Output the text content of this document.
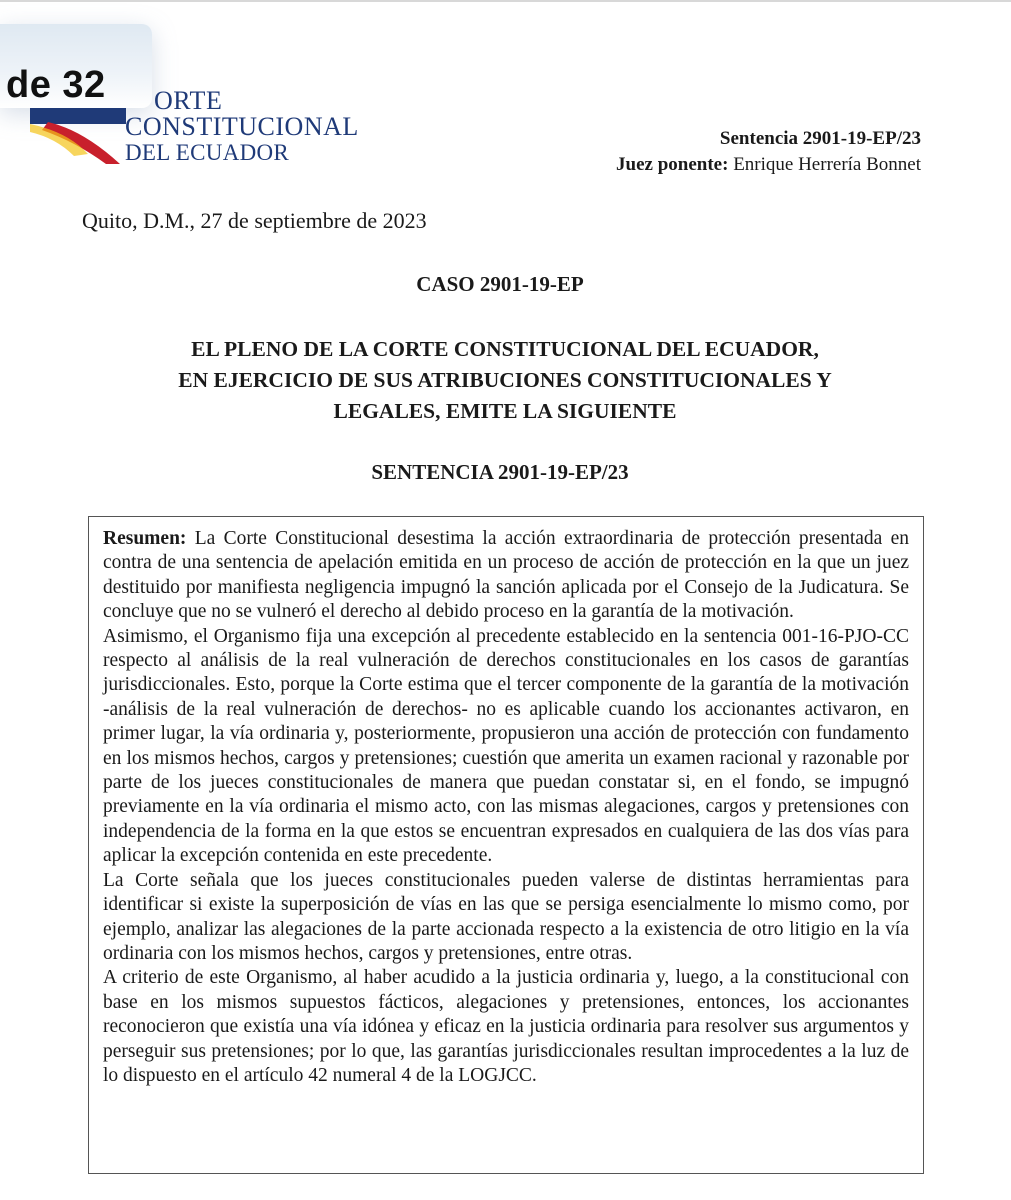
de 32 ORTE
CONSTITUCIONAL
DEL ECUADOR
Sentencia 2901-19-EP/23
Juez ponente: Enrique Herrería Bonnet
Quito, D.M., 27 de septiembre de 2023
CASO 2901-19-EP
EL PLENO DE LA CORTE CONSTITUCIONAL DEL ECUADOR,
EN EJERCICIO DE SUS ATRIBUCIONES CONSTITUCIONALES Y
LEGALES, EMITE LA SIGUIENTE
SENTENCIA 2901-19-EP/23

Resumen: La Corte Constitucional desestima la acción extraordinaria de protección presentada en contra de una sentencia de apelación emitida en un proceso de acción de protección en la que un juez destituido por manifiesta negligencia impugnó la sanción aplicada por el Consejo de la Judicatura. Se concluye que no se vulneró el derecho al debido proceso en la garantía de la motivación.

Asimismo, el Organismo fija una excepción al precedente establecido en la sentencia 001-16-PJO-CC respecto al análisis de la real vulneración de derechos constitucionales en los casos de garantías jurisdiccionales. Esto, porque la Corte estima que el tercer componente de la garantía de la motivación -análisis de la real vulneración de derechos- no es aplicable cuando los accionantes activaron, en primer lugar, la vía ordinaria y, posteriormente, propusieron una acción de protección con fundamento en los mismos hechos, cargos y pretensiones; cuestión que amerita un examen racional y razonable por parte de los jueces constitucionales de manera que puedan constatar si, en el fondo, se impugnó previamente en la vía ordinaria el mismo acto, con las mismas alegaciones, cargos y pretensiones con independencia de la forma en la que estos se encuentran expresados en cualquiera de las dos vías para aplicar la excepción contenida en este precedente.

La Corte señala que los jueces constitucionales pueden valerse de distintas herramientas para identificar si existe la superposición de vías en las que se persiga esencialmente lo mismo como, por ejemplo, analizar las alegaciones de la parte accionada respecto a la existencia de otro litigio en la vía ordinaria con los mismos hechos, cargos y pretensiones, entre otras.

A criterio de este Organismo, al haber acudido a la justicia ordinaria y, luego, a la constitucional con base en los mismos supuestos fácticos, alegaciones y pretensiones, entonces, los accionantes reconocieron que existía una vía idónea y eficaz en la justicia ordinaria para resolver sus argumentos y perseguir sus pretensiones; por lo que, las garantías jurisdiccionales resultan improcedentes a la luz de lo dispuesto en el artículo 42 numeral 4 de la LOGJCC.
